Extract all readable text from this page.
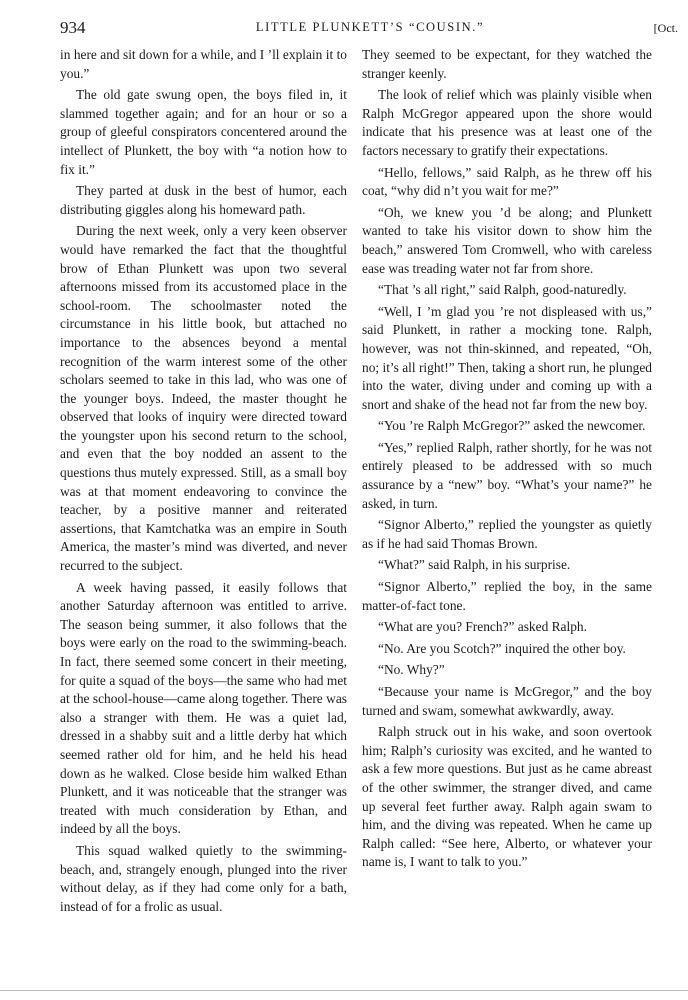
934	LITTLE PLUNKETT’S “COUSIN.”	[Oct.

in here and sit down for a while, and I ’ll explain it to you.”

The old gate swung open, the boys filed in, it slammed together again; and for an hour or so a group of gleeful conspirators concentered around the intellect of Plunkett, the boy with “a notion how to fix it.”

They parted at dusk in the best of humor, each distributing giggles along his homeward path.

During the next week, only a very keen observer would have remarked the fact that the thoughtful brow of Ethan Plunkett was upon two several afternoons missed from its accustomed place in the school-room. The schoolmaster noted the circumstance in his little book, but attached no importance to the absences beyond a mental recognition of the warm interest some of the other scholars seemed to take in this lad, who was one of the younger boys. Indeed, the master thought he observed that looks of inquiry were directed toward the youngster upon his second return to the school, and even that the boy nodded an assent to the questions thus mutely expressed. Still, as a small boy was at that moment endeavoring to convince the teacher, by a positive manner and reiterated assertions, that Kamtchatka was an empire in South America, the master’s mind was diverted, and never recurred to the subject.

A week having passed, it easily follows that another Saturday afternoon was entitled to arrive. The season being summer, it also follows that the boys were early on the road to the swimming-beach. In fact, there seemed some concert in their meeting, for quite a squad of the boys—the same who had met at the school-house—came along together. There was also a stranger with them. He was a quiet lad, dressed in a shabby suit and a little derby hat which seemed rather old for him, and he held his head down as he walked. Close beside him walked Ethan Plunkett, and it was noticeable that the stranger was treated with much consideration by Ethan, and indeed by all the boys.

This squad walked quietly to the swimming-beach, and, strangely enough, plunged into the river without delay, as if they had come only for a bath, instead of for a frolic as usual.

They seemed to be expectant, for they watched the stranger keenly.

The look of relief which was plainly visible when Ralph McGregor appeared upon the shore would indicate that his presence was at least one of the factors necessary to gratify their expectations.

“Hello, fellows,” said Ralph, as he threw off his coat, “why did n’t you wait for me?”

“Oh, we knew you ’d be along; and Plunkett wanted to take his visitor down to show him the beach,” answered Tom Cromwell, who with careless ease was treading water not far from shore.

“That ’s all right,” said Ralph, good-naturedly.

“Well, I ’m glad you ’re not displeased with us,” said Plunkett, in rather a mocking tone. Ralph, however, was not thin-skinned, and repeated, “Oh, no; it’s all right!” Then, taking a short run, he plunged into the water, diving under and coming up with a snort and shake of the head not far from the new boy.

“You ’re Ralph McGregor?” asked the newcomer.

“Yes,” replied Ralph, rather shortly, for he was not entirely pleased to be addressed with so much assurance by a “new” boy. “What’s your name?” he asked, in turn.

“Signor Alberto,” replied the youngster as quietly as if he had said Thomas Brown.

“What?” said Ralph, in his surprise.

“Signor Alberto,” replied the boy, in the same matter-of-fact tone.

“What are you? French?” asked Ralph.

“No. Are you Scotch?” inquired the other boy.

“No. Why?”

“Because your name is McGregor,” and the boy turned and swam, somewhat awkwardly, away.

Ralph struck out in his wake, and soon overtook him; Ralph’s curiosity was excited, and he wanted to ask a few more questions. But just as he came abreast of the other swimmer, the stranger dived, and came up several feet further away. Ralph again swam to him, and the diving was repeated. When he came up Ralph called: “See here, Alberto, or whatever your name is, I want to talk to you.”
